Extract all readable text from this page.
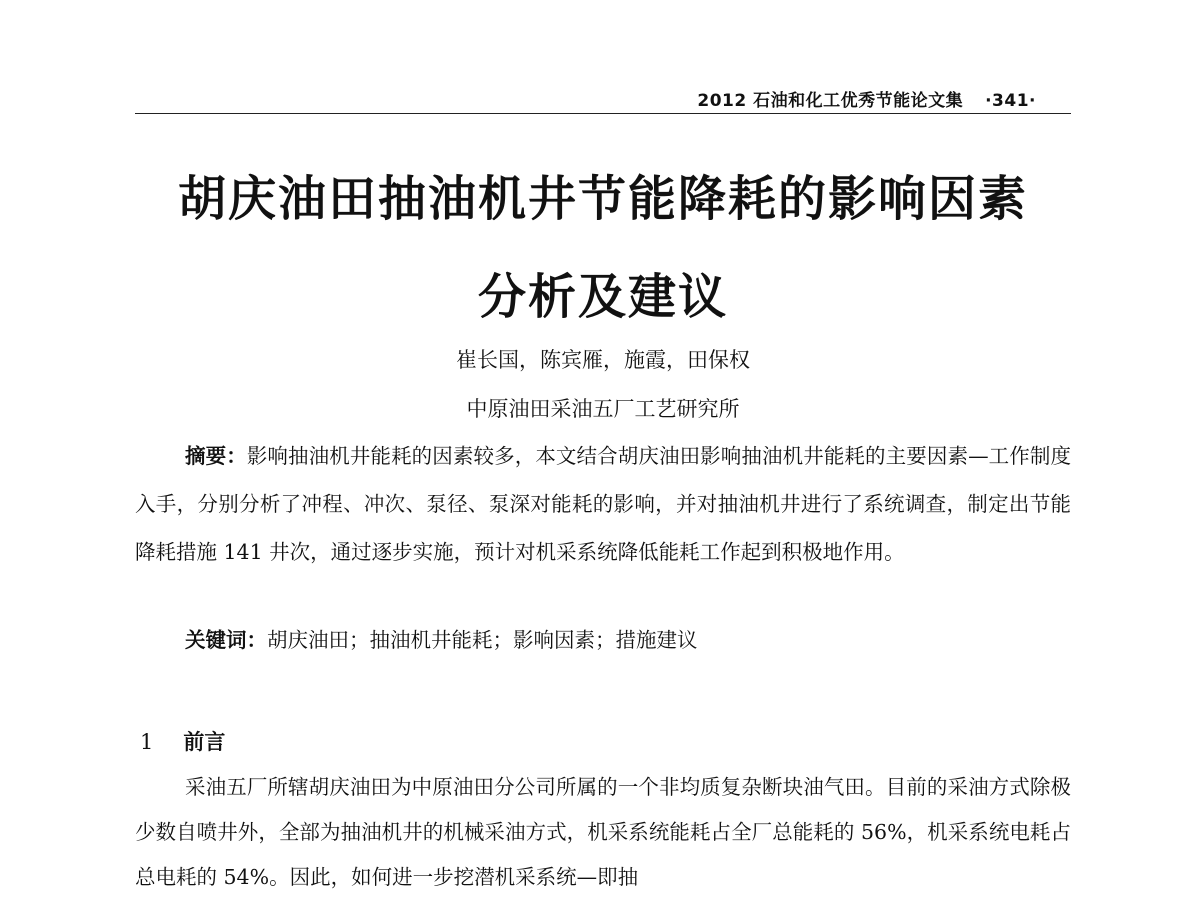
2012 石油和化工优秀节能论文集 ·341·
胡庆油田抽油机井节能降耗的影响因素
分析及建议
崔长国，陈宾雁，施霞，田保权
中原油田采油五厂工艺研究所

摘要：影响抽油机井能耗的因素较多，本文结合胡庆油田影响抽油机井能耗的主要因素—工作制度入手，分别分析了冲程、冲次、泵径、泵深对能耗的影响，并对抽油机井进行了系统调查，制定出节能降耗措施 141 井次，通过逐步实施，预计对机采系统降低能耗工作起到积极地作用。

关键词：胡庆油田；抽油机井能耗；影响因素；措施建议
1 前言

采油五厂所辖胡庆油田为中原油田分公司所属的一个非均质复杂断块油气田。目前的采油方式除极少数自喷井外，全部为抽油机井的机械采油方式，机采系统能耗占全厂总能耗的 56%，机采系统电耗占总电耗的 54%。因此，如何进一步挖潜机采系统—即抽
